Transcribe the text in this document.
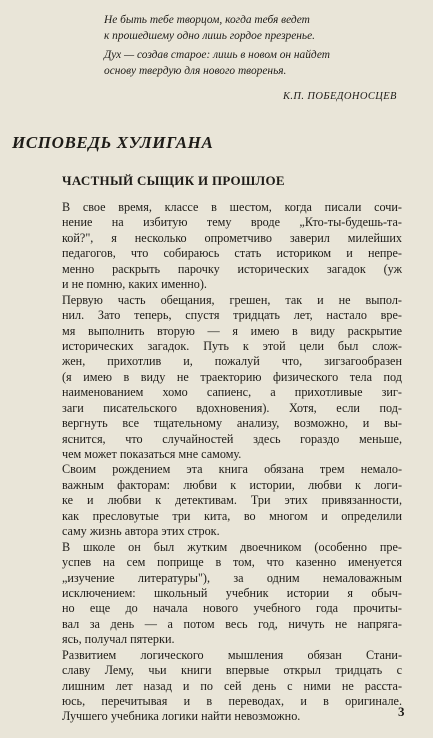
Не быть тебе творцом, когда тебя ведет
к прошедшему одно лишь гордое презренье.
Дух — создав старое: лишь в новом он найдет
основу твердую для нового творенья.
К.П. ПОБЕДОНОСЦЕВ
ИСПОВЕДЬ ХУЛИГАНА
ЧАСТНЫЙ СЫЩИК И ПРОШЛОЕ
В свое время, классе в шестом, когда писали сочи-
нение на избитую тему вроде „Кто-ты-будешь-та-
кой?", я несколько опрометчиво заверил милейших
педагогов, что собираюсь стать историком и непре-
менно раскрыть парочку исторических загадок (уж
и не помню, каких именно).
Первую часть обещания, грешен, так и не выпол-
нил. Зато теперь, спустя тридцать лет, настало вре-
мя выполнить вторую — я имею в виду раскрытие
исторических загадок. Путь к этой цели был слож-
жен, прихотлив и, пожалуй что, зигзагообразен
(я имею в виду не траекторию физического тела под
наименованием хомо сапиенс, а прихотливые зиг-
заги писательского вдохновения). Хотя, если под-
вергнуть все тщательному анализу, возможно, и вы-
яснится, что случайностей здесь гораздо меньше,
чем может показаться мне самому.
Своим рождением эта книга обязана трем немало-
важным факторам: любви к истории, любви к логи-
ке и любви к детективам. Три этих привязанности,
как пресловутые три кита, во многом и определили
саму жизнь автора этих строк.
В школе он был жутким двоечником (особенно пре-
успев на сем поприще в том, что казенно именуется
„изучение литературы"), за одним немаловажным
исключением: школьный учебник истории я обыч-
но еще до начала нового учебного года прочиты-
вал за день — а потом весь год, ничуть не напряга-
ясь, получал пятерки.
Развитием логического мышления обязан Стани-
славу Лему, чьи книги впервые открыл тридцать с
лишним лет назад и по сей день с ними не расста-
юсь, перечитывая и в переводах, и в оригинале.
Лучшего учебника логики найти невозможно.	3
